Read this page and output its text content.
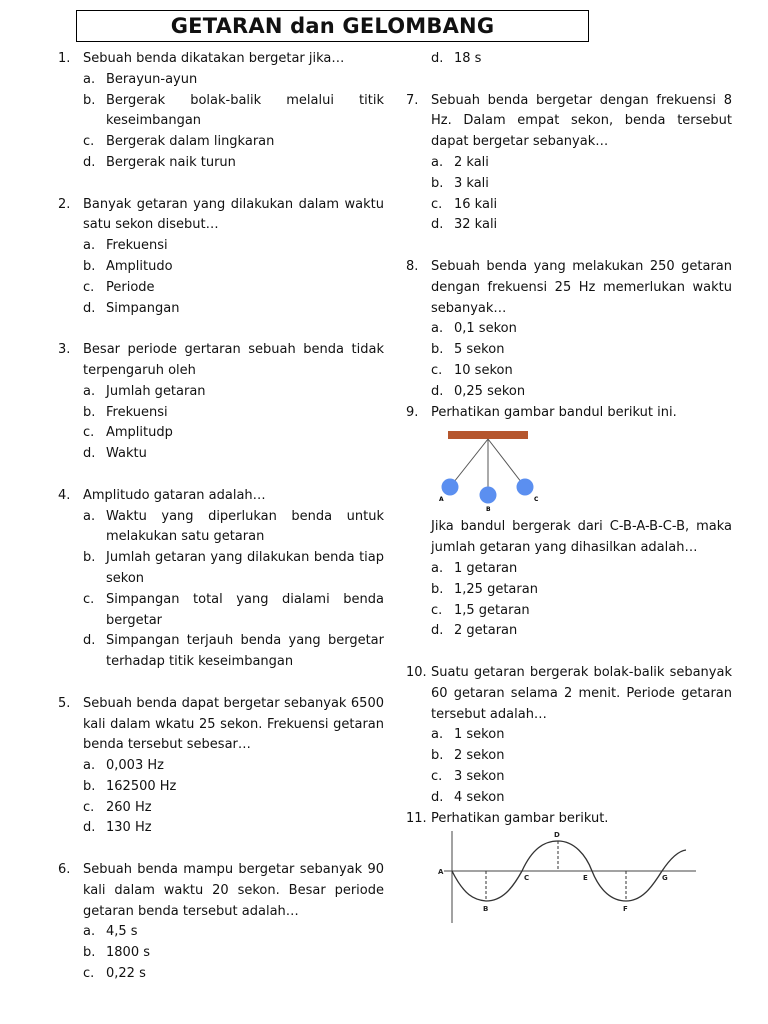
GETARAN dan GELOMBANG
1. Sebuah benda dikatakan bergetar jika…
a. Berayun-ayun
b. Bergerak bolak-balik melalui titik keseimbangan
c. Bergerak dalam lingkaran
d. Bergerak naik turun
2. Banyak getaran yang dilakukan dalam waktu satu sekon disebut…
a. Frekuensi
b. Amplitudo
c. Periode
d. Simpangan
3. Besar periode gertaran sebuah benda tidak terpengaruh oleh
a. Jumlah getaran
b. Frekuensi
c. Amplitudp
d. Waktu
4. Amplitudo gataran adalah…
a. Waktu yang diperlukan benda untuk melakukan satu getaran
b. Jumlah getaran yang dilakukan benda tiap sekon
c. Simpangan total yang dialami benda bergetar
d. Simpangan terjauh benda yang bergetar terhadap titik keseimbangan
5. Sebuah benda dapat bergetar sebanyak 6500 kali dalam wkatu 25 sekon. Frekuensi getaran benda tersebut sebesar…
a. 0,003 Hz
b. 162500 Hz
c. 260 Hz
d. 130 Hz
6. Sebuah benda mampu bergetar sebanyak 90 kali dalam waktu 20 sekon. Besar periode getaran benda tersebut adalah…
a. 4,5 s
b. 1800 s
c. 0,22 s
d. 18 s
7. Sebuah benda bergetar dengan frekuensi 8 Hz. Dalam empat sekon, benda tersebut dapat bergetar sebanyak…
a. 2 kali
b. 3 kali
c. 16 kali
d. 32 kali
8. Sebuah benda yang melakukan 250 getaran dengan frekuensi 25 Hz memerlukan waktu sebanyak…
a. 0,1 sekon
b. 5 sekon
c. 10 sekon
d. 0,25 sekon
9. Perhatikan gambar bandul berikut ini.
A
B
C
Jika bandul bergerak dari C-B-A-B-C-B, maka jumlah getaran yang dihasilkan adalah…
a. 1 getaran
b. 1,25 getaran
c. 1,5 getaran
d. 2 getaran
10. Suatu getaran bergerak bolak-balik sebanyak 60 getaran selama 2 menit. Periode getaran tersebut adalah…
a. 1 sekon
b. 2 sekon
c. 3 sekon
d. 4 sekon
11. Perhatikan gambar berikut.
A
B
C
D
E
F
G
